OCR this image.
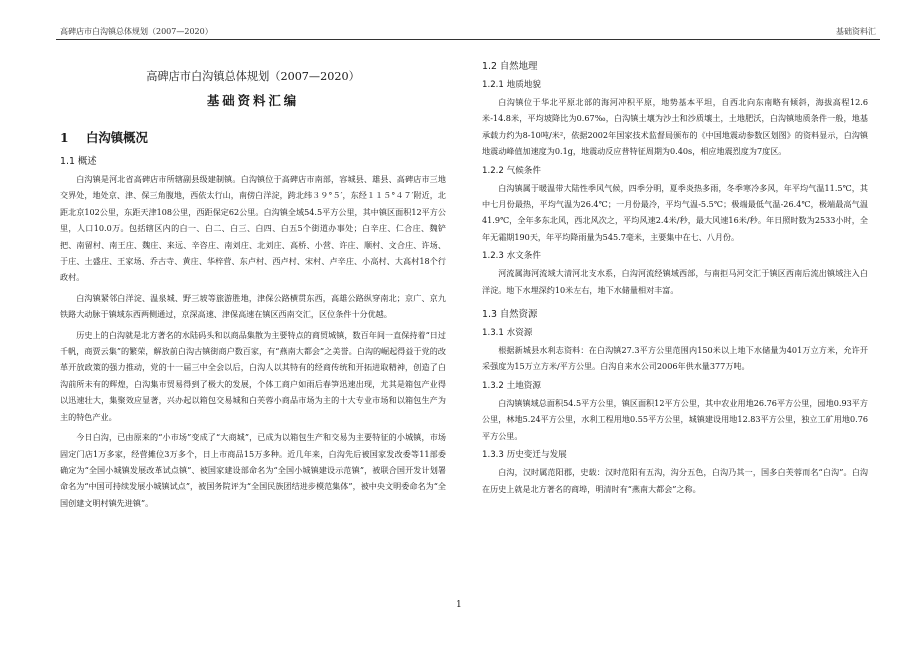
高碑店市白沟镇总体规划（2007—2020）	基础资料汇
高碑店市白沟镇总体规划（2007—2020）
基础资料汇编
1 白沟镇概况
1.1 概述

白沟镇是河北省高碑店市所辖副县级建制镇。白沟镇位于高碑店市南部，容城县、雄县、高碑店市三地交界处，地处京、津、保三角腹地，西依太行山，南傍白洋淀，跨北纬３９°５′，东经１１５°４７′附近，北距北京102公里，东距天津108公里，西距保定62公里。白沟镇全域54.5平方公里，其中镇区面积12平方公里，人口10.0万。包括辖区内的白一、白二、白三、白四、白五5个街道办事处；白辛庄、仁合庄、魏铲把、南留村、南王庄、魏庄、来远、辛咨庄、南刘庄、北刘庄、高桥、小营、许庄、顺村、文合庄、许场、于庄、土盛庄、王家场、乔古寺、黄庄、华梓营、东卢村、西卢村、宋村、卢辛庄、小高村、大高村18个行政村。

白沟镇紧邻白洋淀、温泉城、野三坡等旅游胜地，津保公路横贯东西，高雄公路纵穿南北；京广、京九铁路大动脉于镇域东西两侧通过，京深高速、津保高速在镇区西南交汇，区位条件十分优越。

历史上的白沟就是北方著名的水陆码头和以商品集散为主要特点的商贸城镇，数百年间一直保持着“日过千帆，商贾云集”的繁荣，解放前白沟古镇街商户数百家，有“燕南大都会”之美誉。白沟的崛起得益于党的改革开放政策的强力推动，党的十一届三中全会以后，白沟人以其特有的经商传统和开拓进取精神，创造了白沟前所未有的辉煌，白沟集市贸易得到了极大的发展，个体工商户如雨后春笋迅速出现，尤其是箱包产业得以迅速壮大，集聚效应显著，兴办起以箱包交易城和白芙蓉小商品市场为主的十大专业市场和以箱包生产为主的特色产业。

今日白沟，已由原来的“小市场”变成了“大商城”，已成为以箱包生产和交易为主要特征的小城镇，市场固定门店1万多家，经营摊位3万多个，日上市商品15万多种。近几年来，白沟先后被国家发改委等11部委确定为“全国小城镇发展改革试点镇”、被国家建设部命名为“全国小城镇建设示范镇”，被联合国开发计划署命名为“中国可持续发展小城镇试点”，被国务院评为“全国民族团结进步模范集体”，被中央文明委命名为“全国创建文明村镇先进镇”。

1.2 自然地理
1.2.1 地质地貌

白沟镇位于华北平原北部的海河冲积平原，地势基本平坦，自西北向东南略有倾斜，海拔高程12.6米-14.8米，平均坡降比为0.67‰，白沟镇土壤为沙土和沙质壤土，土地肥沃，白沟镇地质条件一般，地基承载力约为8-10吨/米²，依据2002年国家技术监督局颁布的《中国地震动参数区划图》的资料显示，白沟镇地震动峰值加速度为0.1g，地震动反应普特征周期为0.40s，相应地震烈度为7度区。

1.2.2 气候条件

白沟镇属于暖温带大陆性季风气候，四季分明，夏季炎热多雨，冬季寒冷多风，年平均气温11.5℃，其中七月份最热，平均气温为26.4℃；一月份最冷，平均气温-5.5℃；极端最低气温-26.4℃，极端最高气温41.9℃，全年多东北风，西北风次之，平均风速2.4米/秒，最大风速16米/秒。年日照时数为2533小时，全年无霜期190天，年平均降雨量为545.7毫米，主要集中在七、八月份。

1.2.3 水文条件

河流属海河流域大清河北支水系，白沟河流经镇域西部，与南拒马河交汇于镇区西南后流出镇域注入白洋淀。地下水埋深约10米左右，地下水储量相对丰富。

1.3 自然资源
1.3.1 水资源

根据新城县水利志资料：在白沟镇27.3平方公里范围内150米以上地下水储量为401万立方米，允许开采强度为15万立方米/平方公里。白沟自来水公司2006年供水量377万吨。

1.3.2 土地资源

白沟镇镇域总面积54.5平方公里，镇区面积12平方公里，其中农业用地26.76平方公里，园地0.93平方公里，林地5.24平方公里，水利工程用地0.55平方公里，城镇建设用地12.83平方公里，独立工矿用地0.76平方公里。

1.3.3 历史变迁与发展

白沟，汉时属范阳郡，史载：汉时范阳有五沟，沟分五色，白沟乃其一，国多白芙蓉而名“白沟”。白沟在历史上就是北方著名的商埠，明清时有“燕南大都会”之称。

1
